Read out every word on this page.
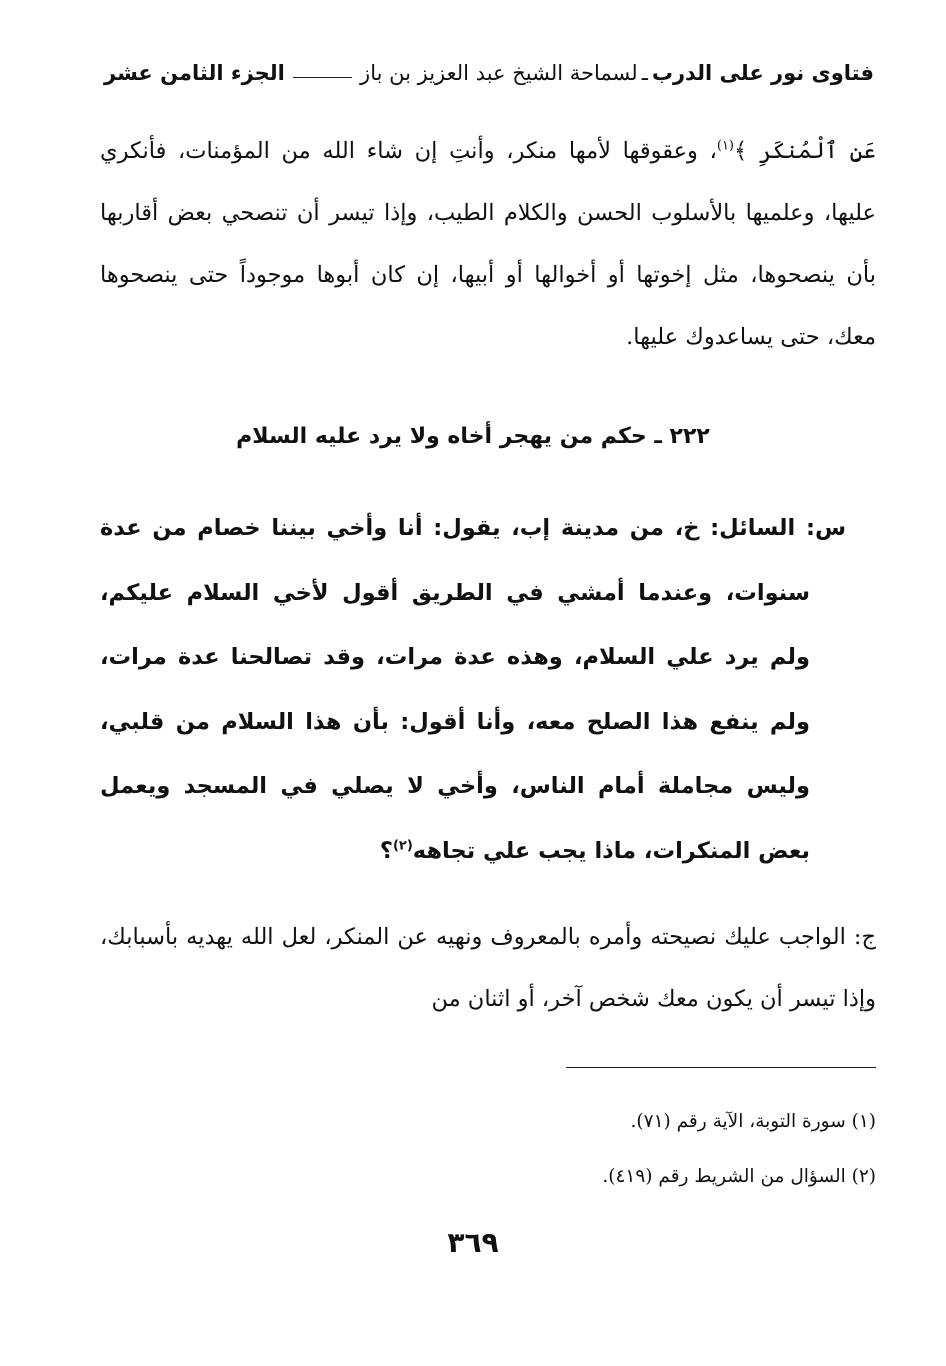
فتاوى نور على الدرب
ـ
لسماحة الشيخ عبد العزيز بن باز
الجزء الثامن عشر
عَنِ ٱلْمُنكَرِ ﴾$^{(١)}$، وعقوقها لأمها منكر، وأنتِ إن شاء الله من المؤمنات، فأنكري عليها، وعلميها بالأسلوب الحسن والكلام الطيب، وإذا تيسر أن تنصحي بعض أقاربها بأن ينصحوها، مثل إخوتها أو أخوالها أو أبيها، إن كان أبوها موجوداً حتى ينصحوها معك، حتى يساعدوك عليها.
٢٢٢ ـ حكم من يهجر أخاه ولا يرد عليه السلام
س: السائل: خ، من مدينة إب، يقول: أنا وأخي بيننا خصام من عدة سنوات، وعندما أمشي في الطريق أقول لأخي السلام عليكم، ولم يرد علي السلام، وهذه عدة مرات، وقد تصالحنا عدة مرات، ولم ينفع هذا الصلح معه، وأنا أقول: بأن هذا السلام من قلبي، وليس مجاملة أمام الناس، وأخي لا يصلي في المسجد ويعمل بعض المنكرات، ماذا يجب علي تجاهه$^{(٢)}$؟
ج: الواجب عليك نصيحته وأمره بالمعروف ونهيه عن المنكر، لعل الله يهديه بأسبابك، وإذا تيسر أن يكون معك شخص آخر، أو اثنان من
(١) سورة التوبة، الآية رقم (٧١).
(٢) السؤال من الشريط رقم (٤١٩).
٣٦٩
